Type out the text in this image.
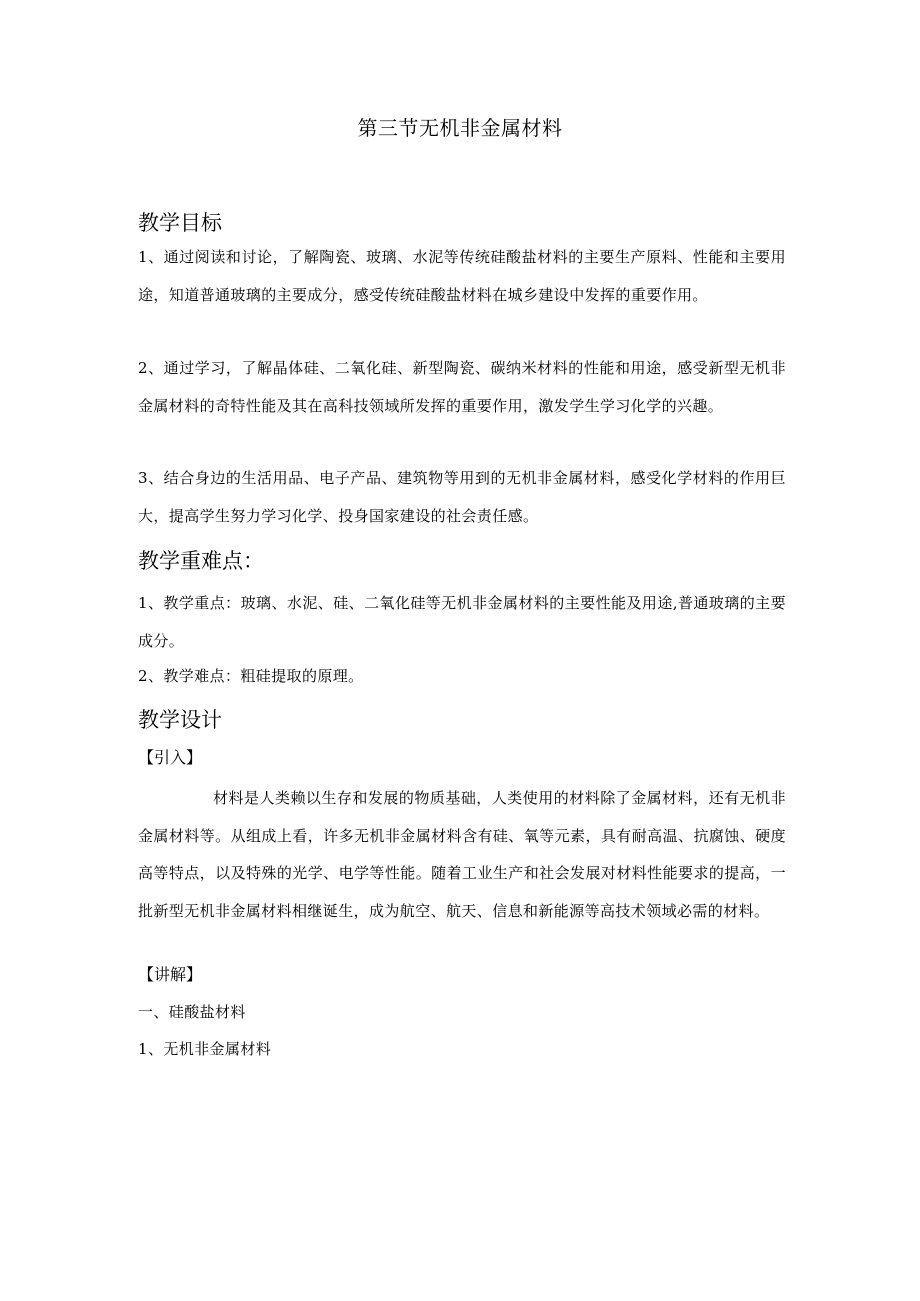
第三节无机非金属材料
教学目标
1、通过阅读和讨论，了解陶瓷、玻璃、水泥等传统硅酸盐材料的主要生产原料、性能和主要用途，知道普通玻璃的主要成分，感受传统硅酸盐材料在城乡建设中发挥的重要作用。
2、通过学习，了解晶体硅、二氧化硅、新型陶瓷、碳纳米材料的性能和用途，感受新型无机非金属材料的奇特性能及其在高科技领域所发挥的重要作用，激发学生学习化学的兴趣。
3、结合身边的生活用品、电子产品、建筑物等用到的无机非金属材料，感受化学材料的作用巨大，提高学生努力学习化学、投身国家建设的社会责任感。
教学重难点：
1、教学重点：玻璃、水泥、硅、二氧化硅等无机非金属材料的主要性能及用途,普通玻璃的主要成分。
2、教学难点：粗硅提取的原理。
教学设计
【引入】
材料是人类赖以生存和发展的物质基础，人类使用的材料除了金属材料，还有无机非金属材料等。从组成上看，许多无机非金属材料含有硅、氧等元素，具有耐高温、抗腐蚀、硬度高等特点，以及特殊的光学、电学等性能。随着工业生产和社会发展对材料性能要求的提高，一批新型无机非金属材料相继诞生，成为航空、航天、信息和新能源等高技术领域必需的材料。
【讲解】
一、硅酸盐材料
1、无机非金属材料
